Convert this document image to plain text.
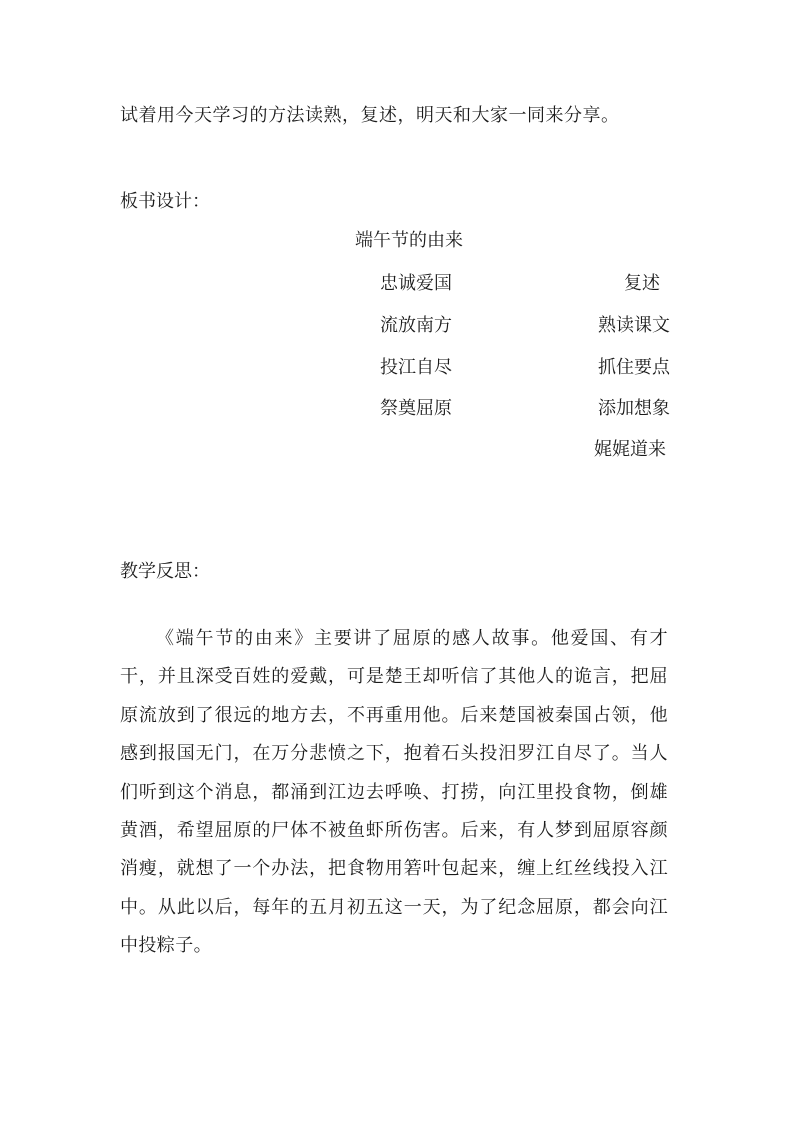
试着用今天学习的方法读熟，复述，明天和大家一同来分享。
板书设计：
端午节的由来
忠诚爱国
流放南方
投江自尽
祭奠屈原
复述
熟读课文
抓住要点
添加想象
娓娓道来
教学反思：
《端午节的由来》主要讲了屈原的感人故事。他爱国、有才干，并且深受百姓的爱戴，可是楚王却听信了其他人的诡言，把屈原流放到了很远的地方去，不再重用他。后来楚国被秦国占领，他感到报国无门，在万分悲愤之下，抱着石头投汨罗江自尽了。当人们听到这个消息，都涌到江边去呼唤、打捞，向江里投食物，倒雄黄酒，希望屈原的尸体不被鱼虾所伤害。后来，有人梦到屈原容颜消瘦，就想了一个办法，把食物用箬叶包起来，缠上红丝线投入江中。从此以后，每年的五月初五这一天，为了纪念屈原，都会向江中投粽子。
